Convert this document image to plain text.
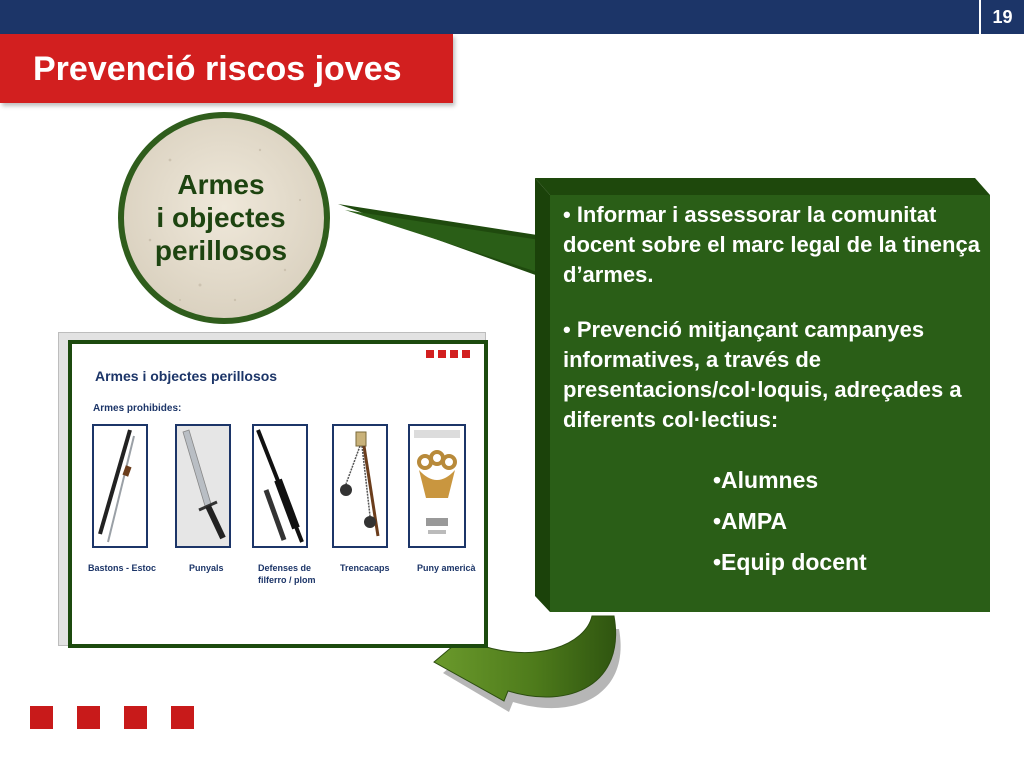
19
Prevenció riscos joves
Armes
i objectes
perillosos

• Informar i assessorar la comunitat docent sobre el marc legal de la tinença d’armes.

• Prevenció mitjançant campanyes informatives, a través de presentacions/col·loquis, adreçades a diferents col·lectius:

•Alumnes
•AMPA
•Equip docent
Armes i objectes perillosos
Armes prohibides:
Bastons - Estoc	Punyals	Defenses de filferro / plom
Trencacaps	Puny americà
